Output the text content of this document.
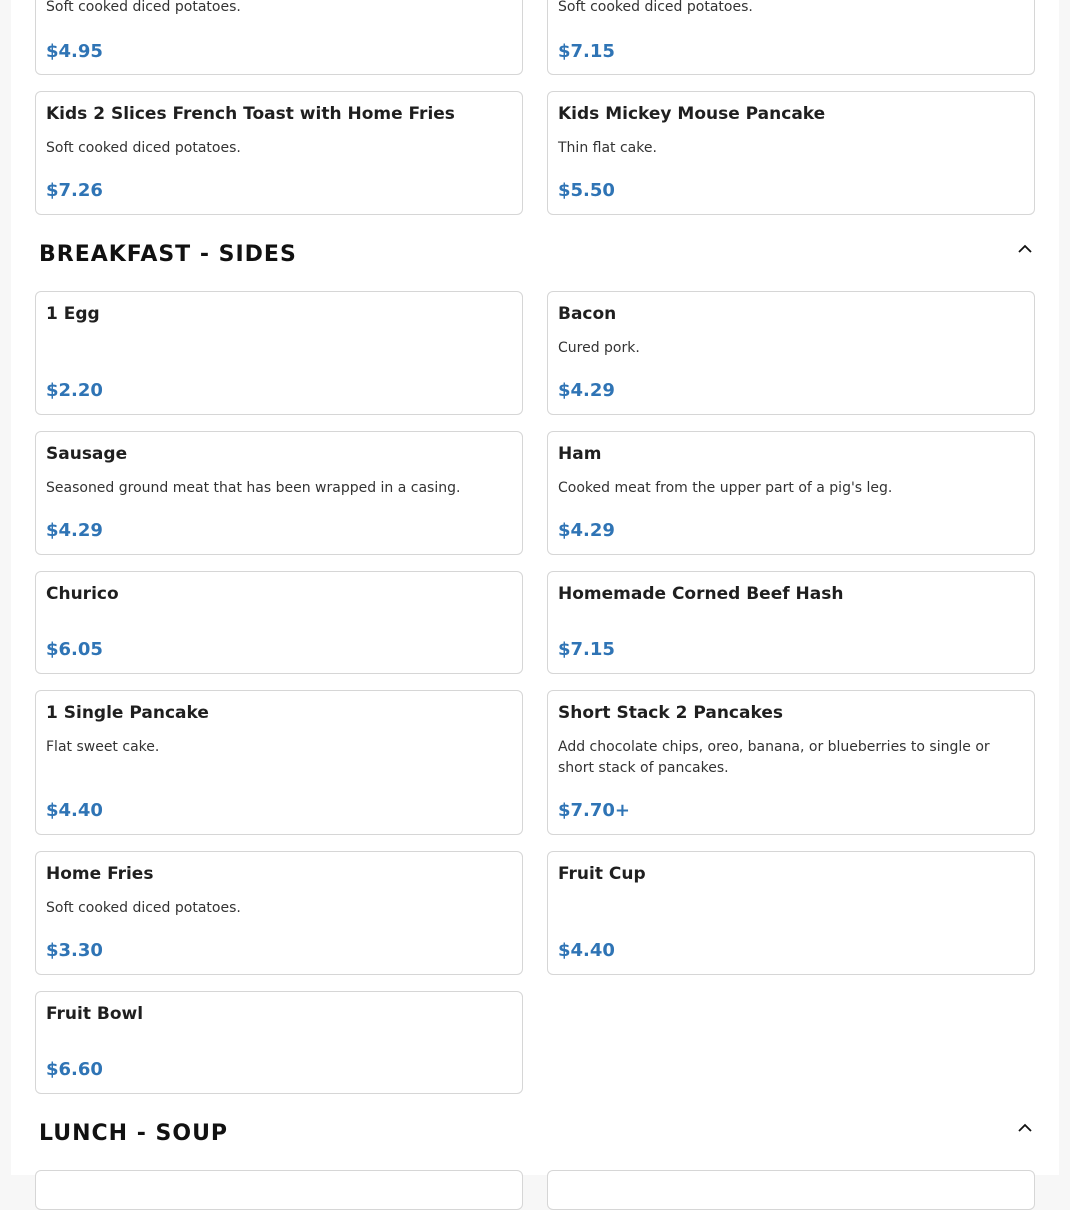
Soft cooked diced potatoes.
$4.95
Soft cooked diced potatoes.
$7.15
Kids 2 Slices French Toast with Home Fries
Soft cooked diced potatoes.
$7.26
Kids Mickey Mouse Pancake
Thin flat cake.
$5.50
BREAKFAST - SIDES
1 Egg
$2.20
Bacon
Cured pork.
$4.29
Sausage
Seasoned ground meat that has been wrapped in a casing.
$4.29
Ham
Cooked meat from the upper part of a pig's leg.
$4.29
Churico
$6.05
Homemade Corned Beef Hash
$7.15
1 Single Pancake
Flat sweet cake.
$4.40
Short Stack 2 Pancakes
Add chocolate chips, oreo, banana, or blueberries to single or short stack of pancakes.
$7.70+
Home Fries
Soft cooked diced potatoes.
$3.30
Fruit Cup
$4.40
Fruit Bowl
$6.60
LUNCH - SOUP
